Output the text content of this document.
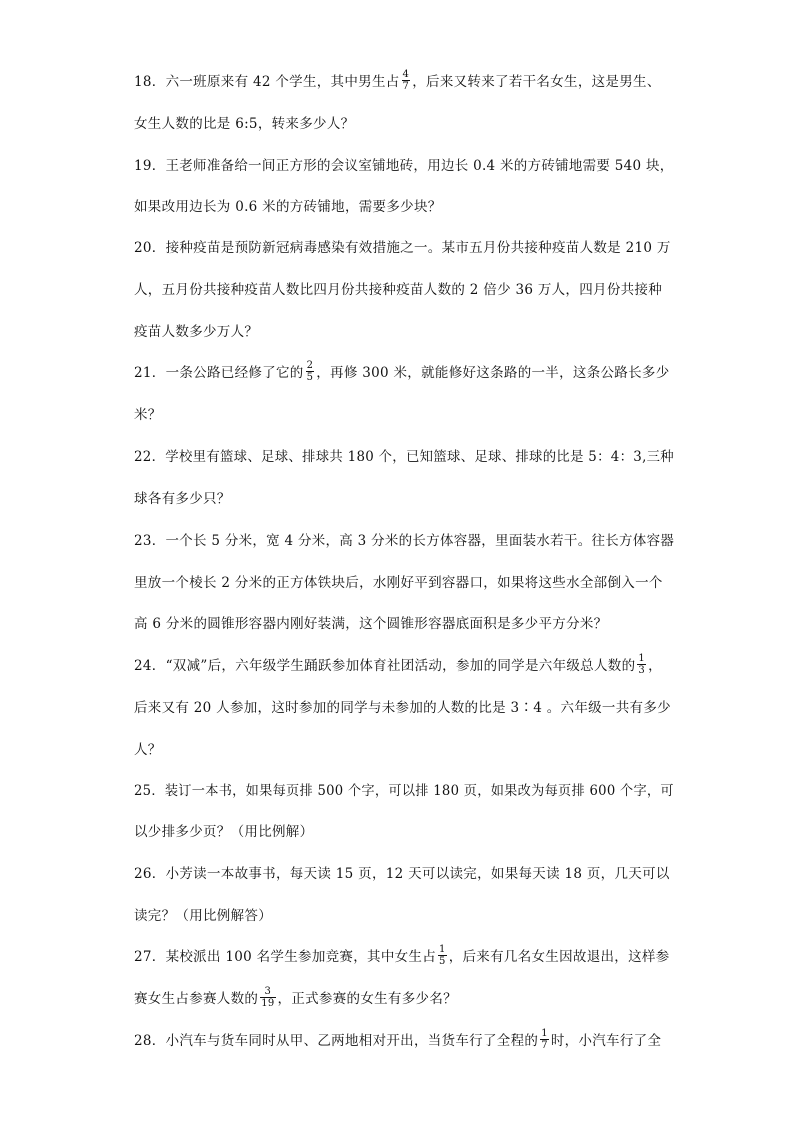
18．六一班原来有 42 个学生，其中男生占 $\frac{4}{7}$ ，后来又转来了若干名女生，这是男生、
女生人数的比是 6:5，转来多少人？
19．王老师准备给一间正方形的会议室铺地砖，用边长 0.4 米的方砖铺地需要 540 块，
如果改用边长为 0.6 米的方砖铺地，需要多少块？
20．接种疫苗是预防新冠病毒感染有效措施之一。某市五月份共接种疫苗人数是 210 万
人，五月份共接种疫苗人数比四月份共接种疫苗人数的 2 倍少 36 万人，四月份共接种
疫苗人数多少万人？
21．一条公路已经修了它的 $\frac{2}{5}$ ，再修 300 米，就能修好这条路的一半，这条公路长多少
米？
22．学校里有篮球、足球、排球共 180 个，已知篮球、足球、排球的比是 5：4：3,三种
球各有多少只？
23．一个长 5 分米，宽 4 分米，高 3 分米的长方体容器，里面装水若干。往长方体容器
里放一个棱长 2 分米的正方体铁块后，水刚好平到容器口，如果将这些水全部倒入一个
高 6 分米的圆锥形容器内刚好装满，这个圆锥形容器底面积是多少平方分米？
24．“双减”后，六年级学生踊跃参加体育社团活动，参加的同学是六年级总人数的 $\frac{1}{3}$ ，
后来又有 20 人参加，这时参加的同学与未参加的人数的比是 3∶4 。六年级一共有多少
人？
25．装订一本书，如果每页排 500 个字，可以排 180 页，如果改为每页排 600 个字，可
以少排多少页？（用比例解）
26．小芳读一本故事书，每天读 15 页，12 天可以读完，如果每天读 18 页，几天可以
读完？（用比例解答）
27．某校派出 100 名学生参加竞赛，其中女生占 $\frac{1}{5}$ ，后来有几名女生因故退出，这样参
赛女生占参赛人数的 $\frac{3}{19}$ ，正式参赛的女生有多少名？
28．小汽车与货车同时从甲、乙两地相对开出，当货车行了全程的 $\frac{1}{7}$ 时，小汽车行了全
